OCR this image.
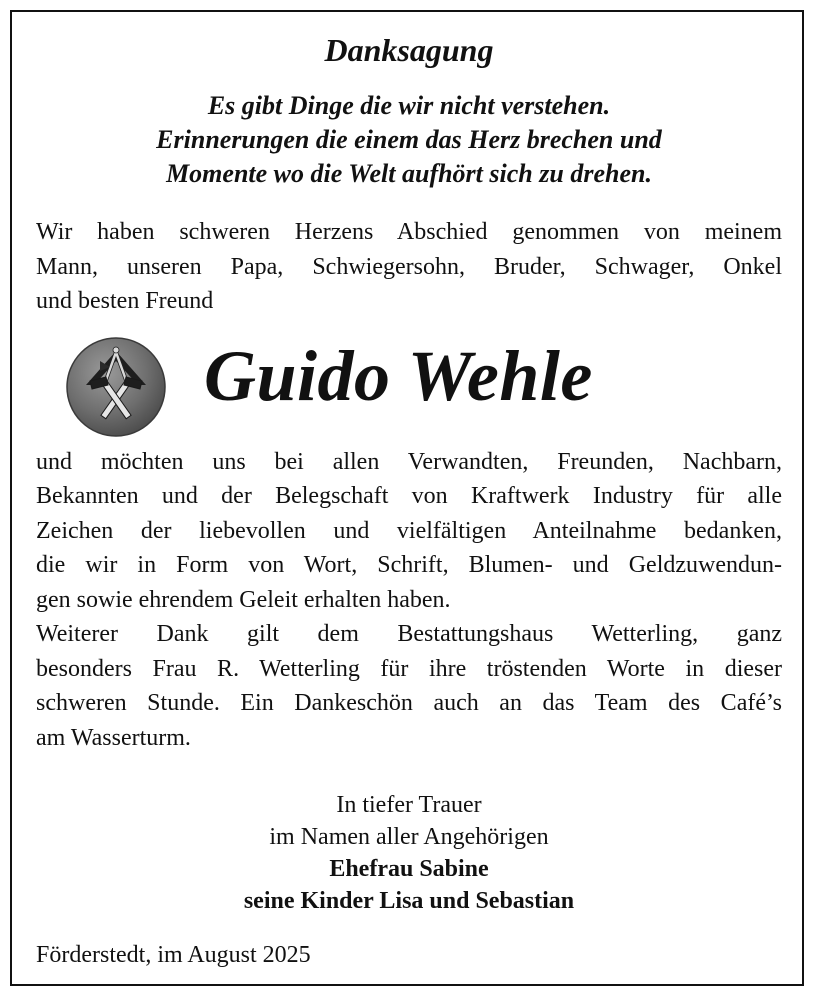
Danksagung
Es gibt Dinge die wir nicht verstehen.
Erinnerungen die einem das Herz brechen und
Momente wo die Welt aufhört sich zu drehen.
Wir haben schweren Herzens Abschied genommen von meinem
Mann, unseren Papa, Schwiegersohn, Bruder, Schwager, Onkel
und besten Freund
Guido Wehle
und möchten uns bei allen Verwandten, Freunden, Nachbarn,
Bekannten und der Belegschaft von Kraftwerk Industry für alle
Zeichen der liebevollen und vielfältigen Anteilnahme bedanken,
die wir in Form von Wort, Schrift, Blumen- und Geldzuwendun-
gen sowie ehrendem Geleit erhalten haben.
Weiterer Dank gilt dem Bestattungshaus Wetterling, ganz
besonders Frau R. Wetterling für ihre tröstenden Worte in dieser
schweren Stunde. Ein Dankeschön auch an das Team des Café’s
am Wasserturm.
In tiefer Trauer
im Namen aller Angehörigen
Ehefrau Sabine
seine Kinder Lisa und Sebastian
Förderstedt, im August 2025
